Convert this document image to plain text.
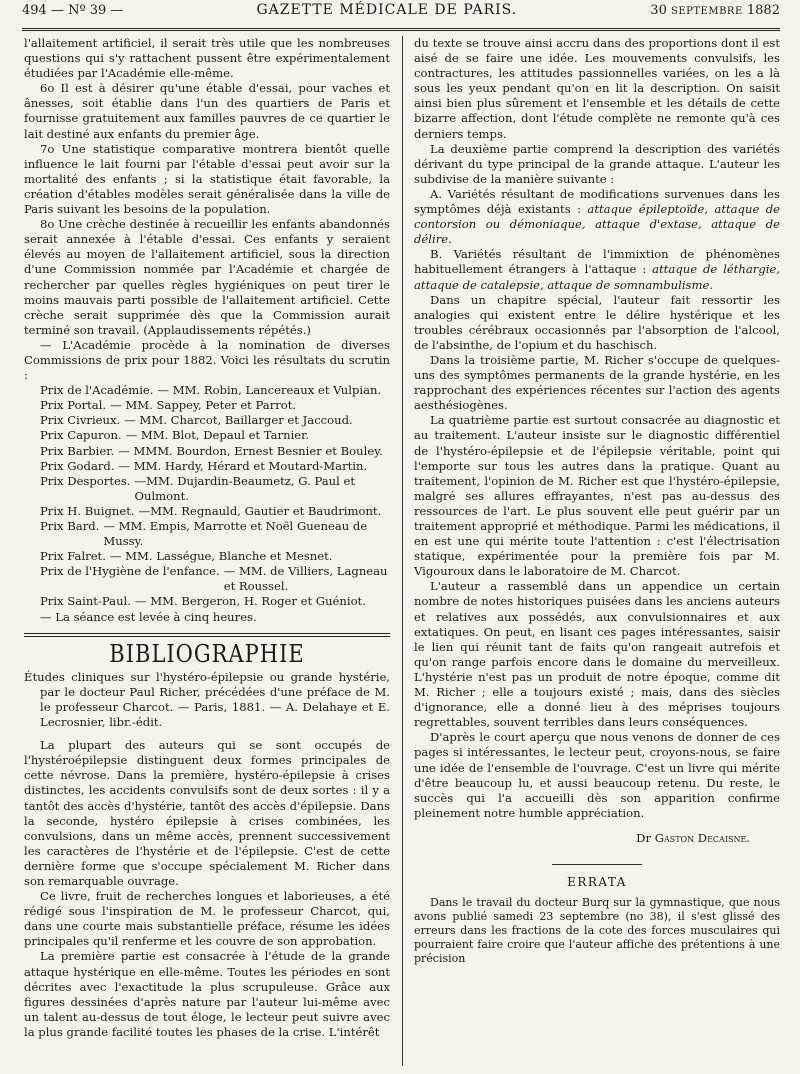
494 — Nº 39 —	GAZETTE MÉDICALE DE PARIS.	30 SEPTEMBRE 1882

l'allaitement artificiel, il serait très utile que les nombreuses questions qui s'y rattachent pussent être expérimentalement étudiées par l'Académie elle-même.

6o Il est à désirer qu'une étable d'essai, pour vaches et ânesses, soit établie dans l'un des quartiers de Paris et fournisse gratuitement aux familles pauvres de ce quartier le lait destiné aux enfants du premier âge.

7o Une statistique comparative montrera bientôt quelle influence le lait fourni par l'étable d'essai peut avoir sur la mortalité des enfants ; si la statistique était favorable, la création d'étables modèles serait généralisée dans la ville de Paris suivant les besoins de la population.

8o Une crèche destinée à recueillir les enfants abandonnés serait annexée à l'étable d'essai. Ces enfants y seraient élevés au moyen de l'allaitement artificiel, sous la direction d'une Commission nommée par l'Académie et chargée de rechercher par quelles règles hygiéniques on peut tirer le moins mauvais parti possible de l'allaitement artificiel. Cette crèche serait supprimée dès que la Commission aurait terminé son travail. (Applaudissements répétés.)

— L'Académie procède à la nomination de diverses Commissions de prix pour 1882. Voici les résultats du scrutin :

Prix de l'Académie. — MM. Robin, Lancereaux et Vulpian.
Prix Portal. — MM. Sappey, Peter et Parrot.
Prix Civrieux. — MM. Charcot, Baillarger et Jaccoud.
Prix Capuron. — MM. Blot, Depaul et Tarnier.
Prix Barbier. — MMM. Bourdon, Ernest Besnier et Bouley.
Prix Godard. — MM. Hardy, Hérard et Moutard-Martin.
Prix Desportes. —MM. Dujardin-Beaumetz, G. Paul et Oulmont.
Prix H. Buignet. —MM. Regnauld, Gautier et Baudrimont.
Prix Bard. — MM. Empis, Marrotte et Noël Gueneau de Mussy.
Prix Falret. — MM. Lasségue, Blanche et Mesnet.
Prix de l'Hygiène de l'enfance. — MM. de Villiers, Lagneau et Roussel.
Prix Saint-Paul. — MM. Bergeron, H. Roger et Guéniot.

— La séance est levée à cinq heures.

BIBLIOGRAPHIE

Études cliniques sur l'hystéro-épilepsie ou grande hystérie, par le docteur Paul Richer, précédées d'une préface de M. le professeur Charcot. — Paris, 1881. — A. Delahaye et E. Lecrosnier, libr.-édit.

La plupart des auteurs qui se sont occupés de l'hystéroépilepsie distinguent deux formes principales de cette névrose. Dans la première, hystéro-épilepsie à crises distinctes, les accidents convulsifs sont de deux sortes : il y a tantôt des accès d'hystérie, tantôt des accès d'épilepsie. Dans la seconde, hystéro épilepsie à crises combinées, les convulsions, dans un même accès, prennent successivement les caractères de l'hystérie et de l'épilepsie. C'est de cette dernière forme que s'occupe spécialement M. Richer dans son remarquable ouvrage.

Ce livre, fruit de recherches longues et laborieuses, a été rédigé sous l'inspiration de M. le professeur Charcot, qui, dans une courte mais substantielle préface, résume les idées principales qu'il renferme et les couvre de son approbation.

La première partie est consacrée à l'étude de la grande attaque hystérique en elle-même. Toutes les périodes en sont décrites avec l'exactitude la plus scrupuleuse. Grâce aux figures dessinées d'après nature par l'auteur lui-même avec un talent au-dessus de tout éloge, le lecteur peut suivre avec la plus grande facilité toutes les phases de la crise. L'intérêt

du texte se trouve ainsi accru dans des proportions dont il est aisé de se faire une idée. Les mouvements convulsifs, les contractures, les attitudes passionnelles variées, on les a là sous les yeux pendant qu'on en lit la description. On saisit ainsi bien plus sûrement et l'ensemble et les détails de cette bizarre affection, dont l'étude complète ne remonte qu'à ces derniers temps.

La deuxième partie comprend la description des variétés dérivant du type principal de la grande attaque. L'auteur les subdivise de la manière suivante :

A. Variétés résultant de modifications survenues dans les symptômes déjà existants : attaque épileptoïde, attaque de contorsion ou démoniaque, attaque d'extase, attaque de délire.

B. Variétés résultant de l'immixtion de phénomènes habituellement étrangers à l'attaque : attaque de léthargie, attaque de catalepsie, attaque de somnambulisme.

Dans un chapitre spécial, l'auteur fait ressortir les analogies qui existent entre le délire hystérique et les troubles cérébraux occasionnés par l'absorption de l'alcool, de l'absinthe, de l'opium et du haschisch.

Dans la troisième partie, M. Richer s'occupe de quelques-uns des symptômes permanents de la grande hystérie, en les rapprochant des expériences récentes sur l'action des agents aesthésiogènes.

La quatrième partie est surtout consacrée au diagnostic et au traitement. L'auteur insiste sur le diagnostic différentiel de l'hystéro-épilepsie et de l'épilepsie véritable, point qui l'emporte sur tous les autres dans la pratique. Quant au traitement, l'opinion de M. Richer est que l'hystéro-épilepsie, malgré ses allures effrayantes, n'est pas au-dessus des ressources de l'art. Le plus souvent elle peut guérir par un traitement approprié et méthodique. Parmi les médications, il en est une qui mérite toute l'attention : c'est l'électrisation statique, expérimentée pour la première fois par M. Vigouroux dans le laboratoire de M. Charcot.

L'auteur a rassemblé dans un appendice un certain nombre de notes historiques puisées dans les anciens auteurs et relatives aux possédés, aux convulsionnaires et aux extatiques. On peut, en lisant ces pages intéressantes, saisir le lien qui réunit tant de faits qu'on rangeait autrefois et qu'on range parfois encore dans le domaine du merveilleux. L'hystérie n'est pas un produit de notre époque, comme dit M. Richer ; elle a toujours existé ; mais, dans des siècles d'ignorance, elle a donné lieu à des méprises toujours regrettables, souvent terribles dans leurs conséquences.

D'après le court aperçu que nous venons de donner de ces pages si intéressantes, le lecteur peut, croyons-nous, se faire une idée de l'ensemble de l'ouvrage. C'est un livre qui mérite d'être beaucoup lu, et aussi beaucoup retenu. Du reste, le succès qui l'a accueilli dès son apparition confirme pleinement notre humble appréciation.

Dr Gaston Decaisne.
ERRATA

Dans le travail du docteur Burq sur la gymnastique, que nous avons publié samedi 23 septembre (no 38), il s'est glissé des erreurs dans les fractions de la cote des forces musculaires qui pourraient faire croire que l'auteur affiche des prétentions à une précision
